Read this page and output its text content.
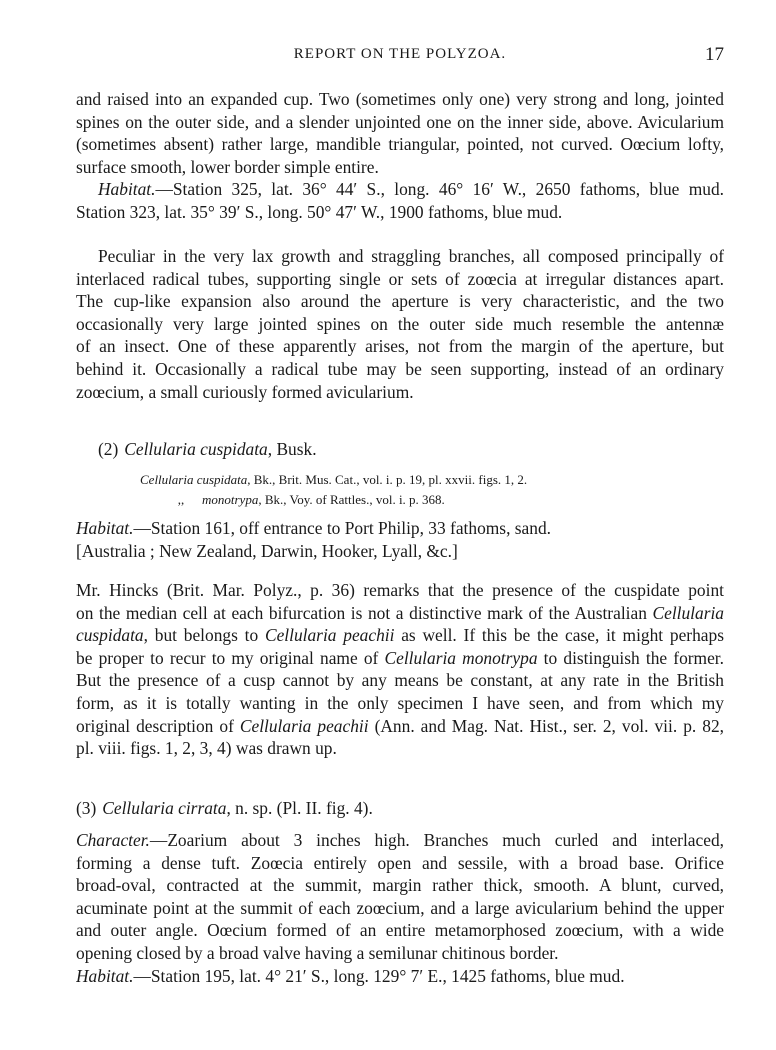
REPORT ON THE POLYZOA.	17
and raised into an expanded cup. Two (sometimes only one) very strong and long, jointed
spines on the outer side, and a slender unjointed one on the inner side, above. Avicularium
(sometimes absent) rather large, mandible triangular, pointed, not curved. Oœcium lofty,
surface smooth, lower border simple entire.
Habitat.—Station 325, lat. 36° 44′ S., long. 46° 16′ W., 2650 fathoms, blue mud.
Station 323, lat. 35° 39′ S., long. 50° 47′ W., 1900 fathoms, blue mud.
Peculiar in the very lax growth and straggling branches, all composed principally of
interlaced radical tubes, supporting single or sets of zoœcia at irregular distances apart.
The cup-like expansion also around the aperture is very characteristic, and the two
occasionally very large jointed spines on the outer side much resemble the antennæ
of an insect. One of these apparently arises, not from the margin of the aperture, but
behind it. Occasionally a radical tube may be seen supporting, instead of an ordinary
zoœcium, a small curiously formed avicularium.
(2) Cellularia cuspidata, Busk.
Cellularia cuspidata, Bk., Brit. Mus. Cat., vol. i. p. 19, pl. xxvii. figs. 1, 2.
,, monotrypa, Bk., Voy. of Rattles., vol. i. p. 368.
Habitat.—Station 161, off entrance to Port Philip, 33 fathoms, sand.
[Australia ; New Zealand, Darwin, Hooker, Lyall, &c.]
Mr. Hincks (Brit. Mar. Polyz., p. 36) remarks that the presence of the cuspidate point
on the median cell at each bifurcation is not a distinctive mark of the Australian Cellularia
cuspidata, but belongs to Cellularia peachii as well. If this be the case, it might perhaps
be proper to recur to my original name of Cellularia monotrypa to distinguish the former.
But the presence of a cusp cannot by any means be constant, at any rate in the British
form, as it is totally wanting in the only specimen I have seen, and from which my
original description of Cellularia peachii (Ann. and Mag. Nat. Hist., ser. 2, vol. vii. p. 82,
pl. viii. figs. 1, 2, 3, 4) was drawn up.
(3) Cellularia cirrata, n. sp. (Pl. II. fig. 4).
Character.—Zoarium about 3 inches high. Branches much curled and interlaced,
forming a dense tuft. Zoœcia entirely open and sessile, with a broad base. Orifice
broad-oval, contracted at the summit, margin rather thick, smooth. A blunt, curved,
acuminate point at the summit of each zoœcium, and a large avicularium behind the upper
and outer angle. Oœcium formed of an entire metamorphosed zoœcium, with a wide
opening closed by a broad valve having a semilunar chitinous border.
Habitat.—Station 195, lat. 4° 21′ S., long. 129° 7′ E., 1425 fathoms, blue mud.
